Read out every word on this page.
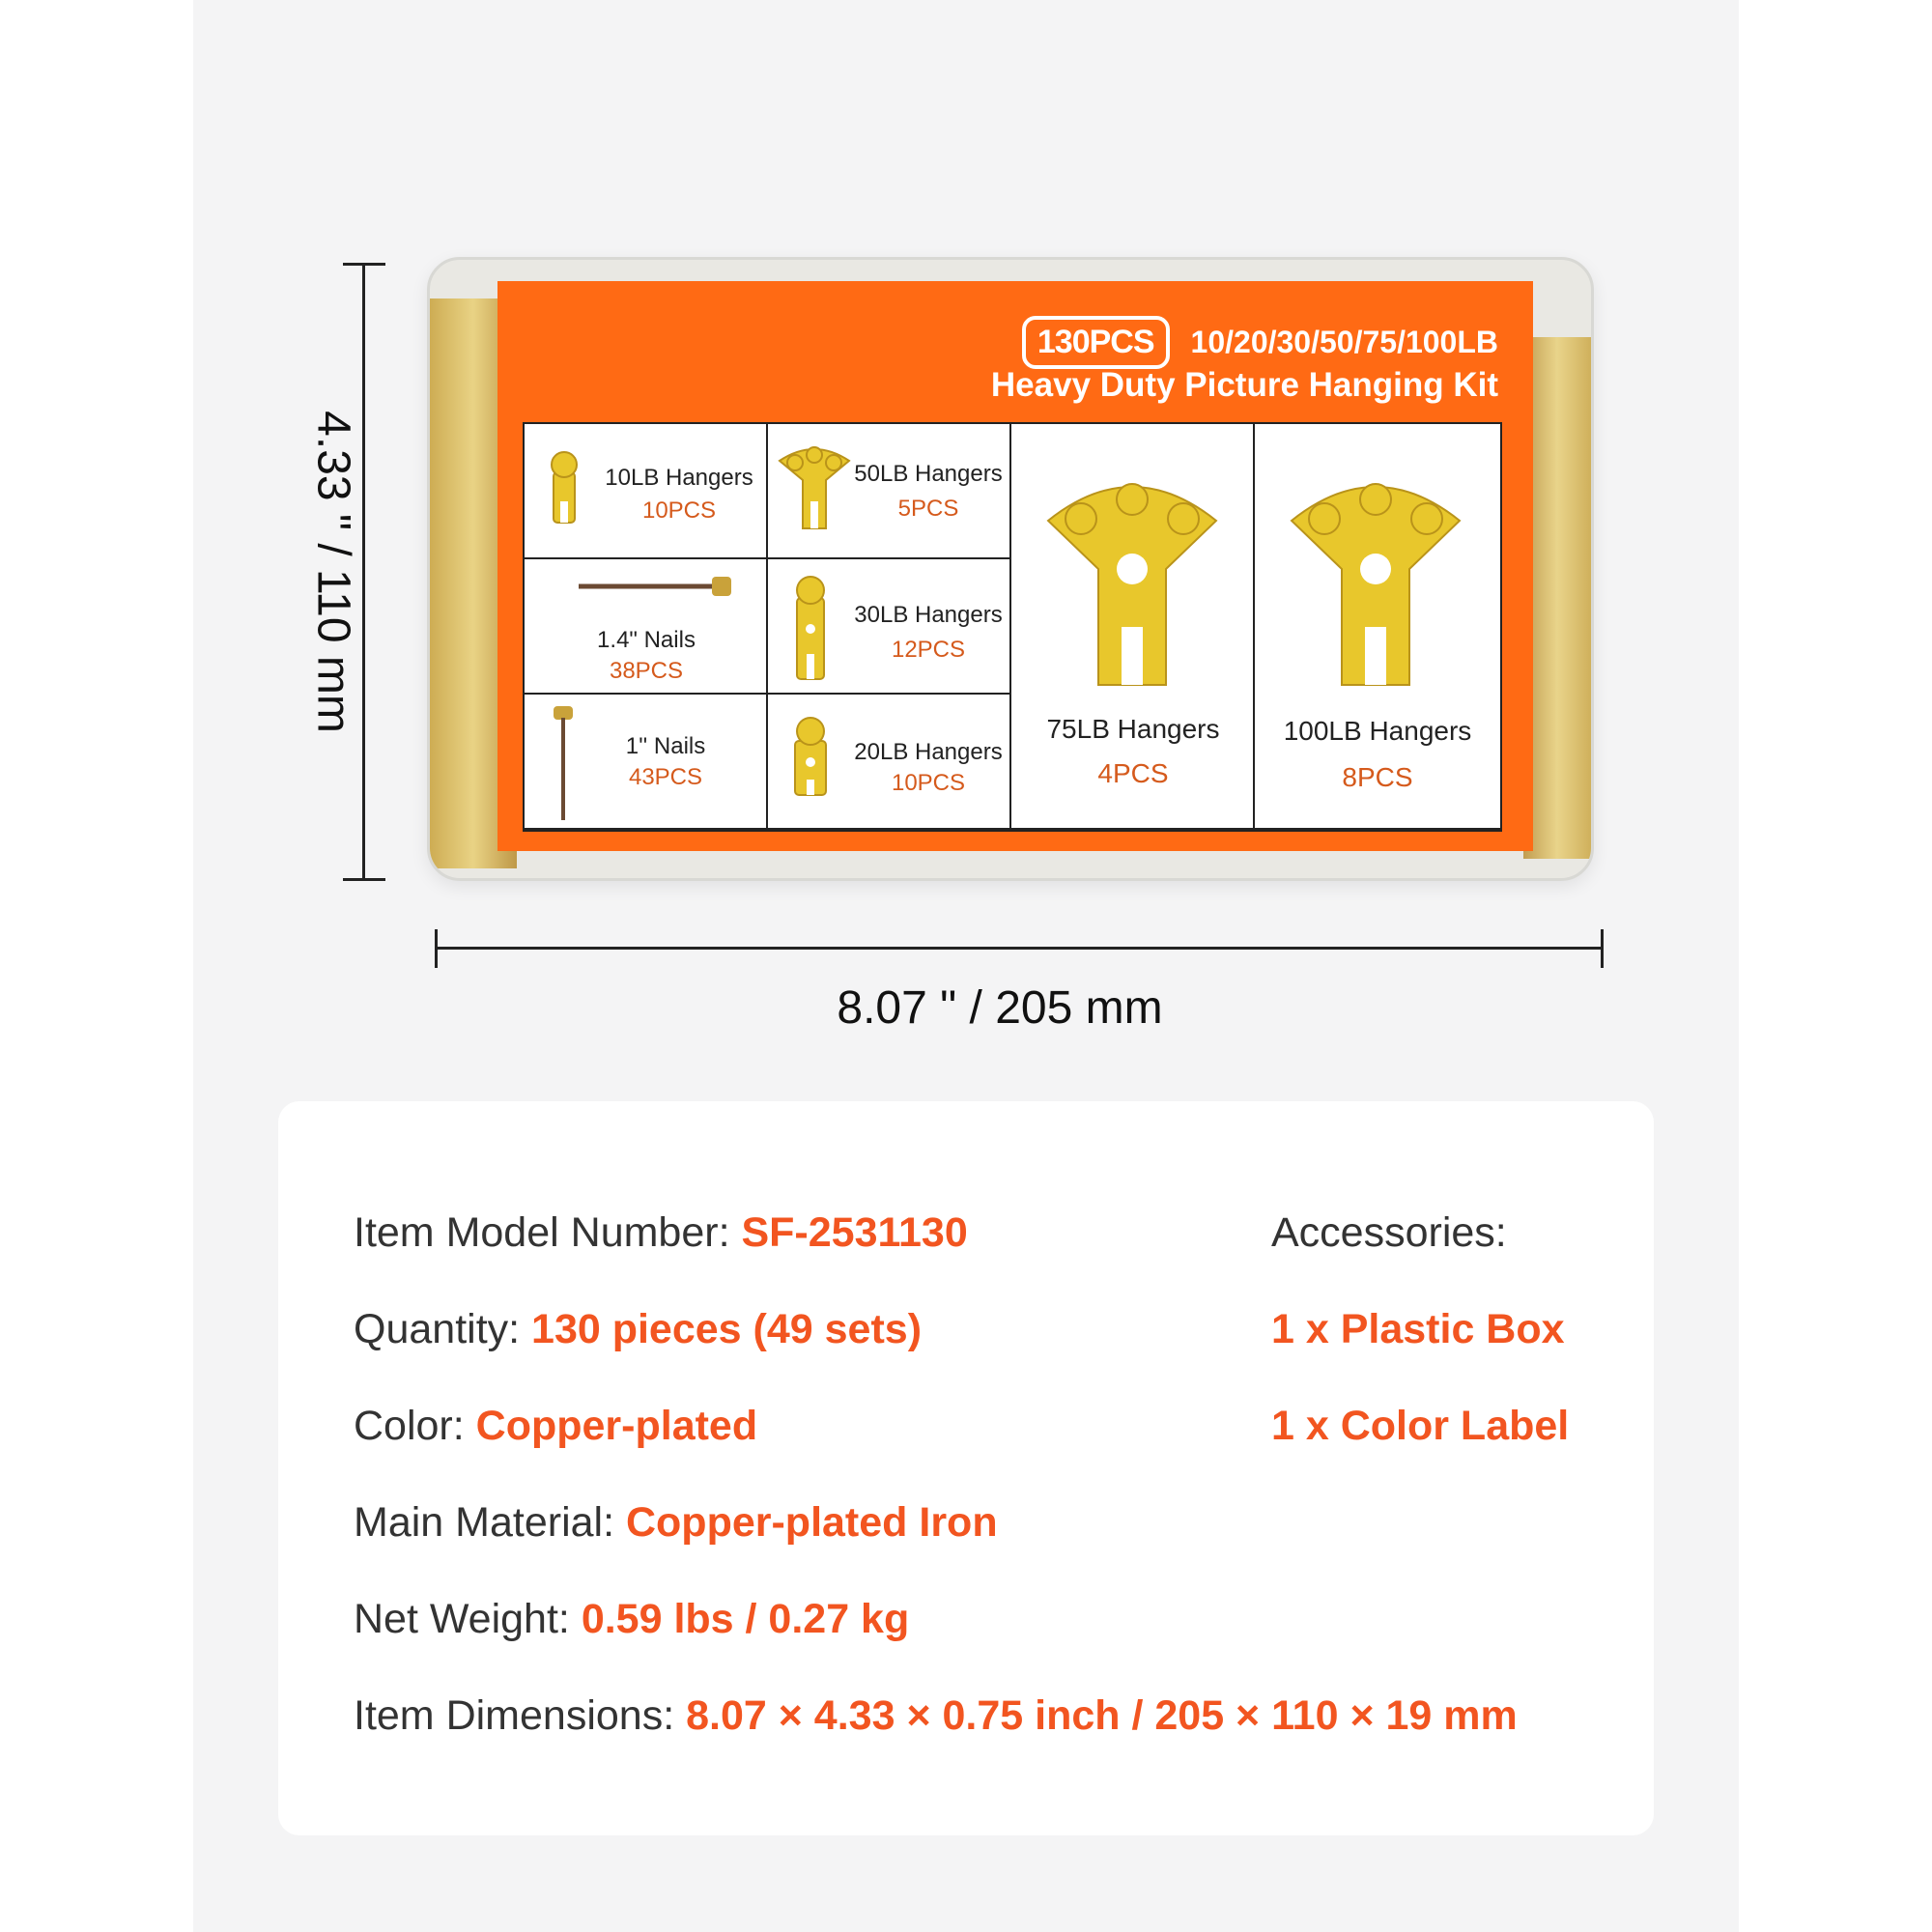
4.33 " / 110 mm
8.07 " / 205 mm
130PCS	10/20/30/50/75/100LB
Heavy Duty Picture Hanging Kit
10LB Hangers
10PCS
1.4" Nails
38PCS
1'' Nails
43PCS
50LB Hangers
5PCS
30LB Hangers
12PCS
20LB Hangers
10PCS
75LB Hangers
4PCS
100LB Hangers
8PCS
Item Model Number: SF-2531130
Quantity: 130 pieces (49 sets)
Color: Copper-plated
Main Material: Copper-plated Iron
Net Weight: 0.59 lbs / 0.27 kg
Item Dimensions: 8.07 × 4.33 × 0.75 inch / 205 × 110 × 19 mm
Accessories:
1 x Plastic Box
1 x Color Label
